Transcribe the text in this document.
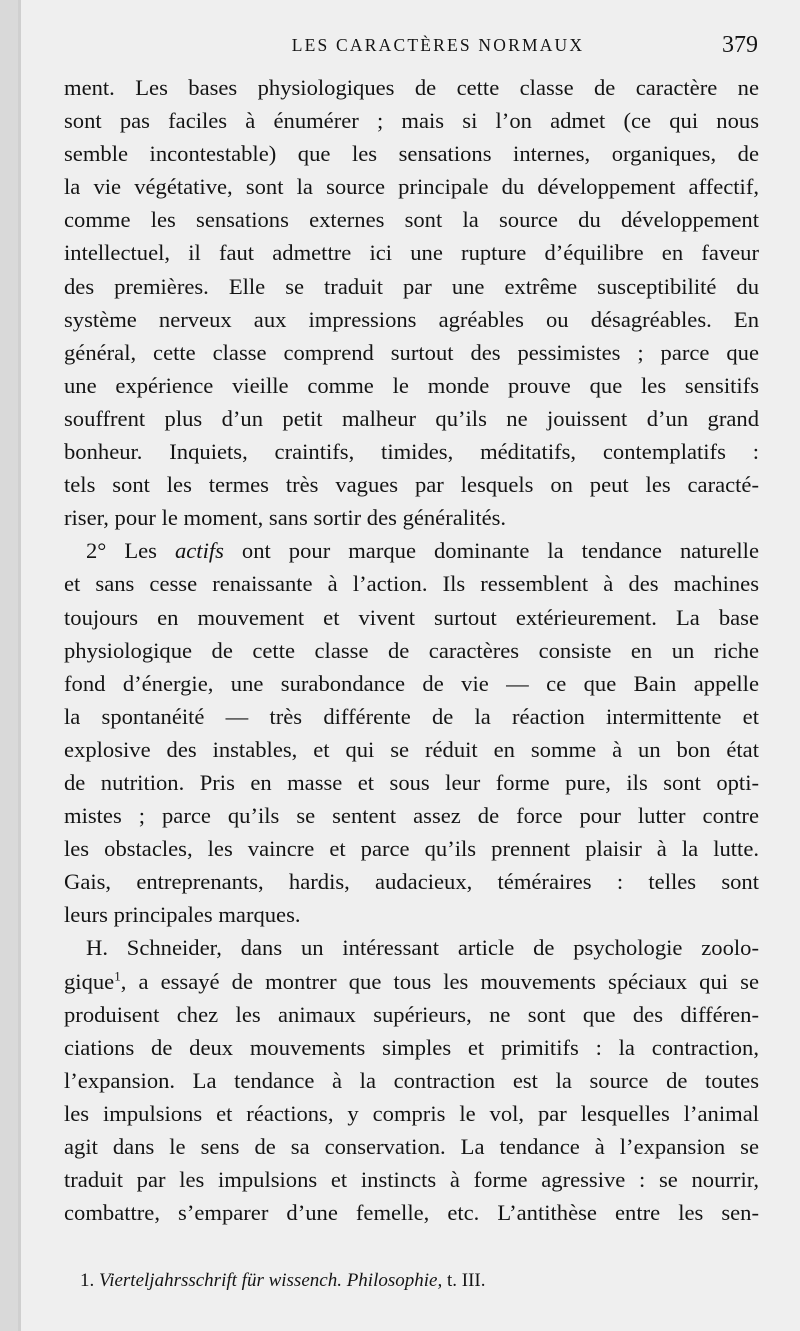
LES CARACTÈRES NORMAUX	379
ment. Les bases physiologiques de cette classe de caractère ne
sont pas faciles à énumérer ; mais si l’on admet (ce qui nous
semble incontestable) que les sensations internes, organiques, de
la vie végétative, sont la source principale du développement affectif,
comme les sensations externes sont la source du développement
intellectuel, il faut admettre ici une rupture d’équilibre en faveur
des premières. Elle se traduit par une extrême susceptibilité du
système nerveux aux impressions agréables ou désagréables. En
général, cette classe comprend surtout des pessimistes ; parce que
une expérience vieille comme le monde prouve que les sensitifs
souffrent plus d’un petit malheur qu’ils ne jouissent d’un grand
bonheur. Inquiets, craintifs, timides, méditatifs, contemplatifs :
tels sont les termes très vagues par lesquels on peut les caracté-
riser, pour le moment, sans sortir des généralités.
2° Les actifs ont pour marque dominante la tendance naturelle
et sans cesse renaissante à l’action. Ils ressemblent à des machines
toujours en mouvement et vivent surtout extérieurement. La base
physiologique de cette classe de caractères consiste en un riche
fond d’énergie, une surabondance de vie — ce que Bain appelle
la spontanéité — très différente de la réaction intermittente et
explosive des instables, et qui se réduit en somme à un bon état
de nutrition. Pris en masse et sous leur forme pure, ils sont opti-
mistes ; parce qu’ils se sentent assez de force pour lutter contre
les obstacles, les vaincre et parce qu’ils prennent plaisir à la lutte.
Gais, entreprenants, hardis, audacieux, téméraires : telles sont
leurs principales marques.
H. Schneider, dans un intéressant article de psychologie zoolo-
gique$^1$, a essayé de montrer que tous les mouvements spéciaux qui se
produisent chez les animaux supérieurs, ne sont que des différen-
ciations de deux mouvements simples et primitifs : la contraction,
l’expansion. La tendance à la contraction est la source de toutes
les impulsions et réactions, y compris le vol, par lesquelles l’animal
agit dans le sens de sa conservation. La tendance à l’expansion se
traduit par les impulsions et instincts à forme agressive : se nourrir,
combattre, s’emparer d’une femelle, etc. L’antithèse entre les sen-
1. Vierteljahrsschrift für wissench. Philosophie, t. III.
